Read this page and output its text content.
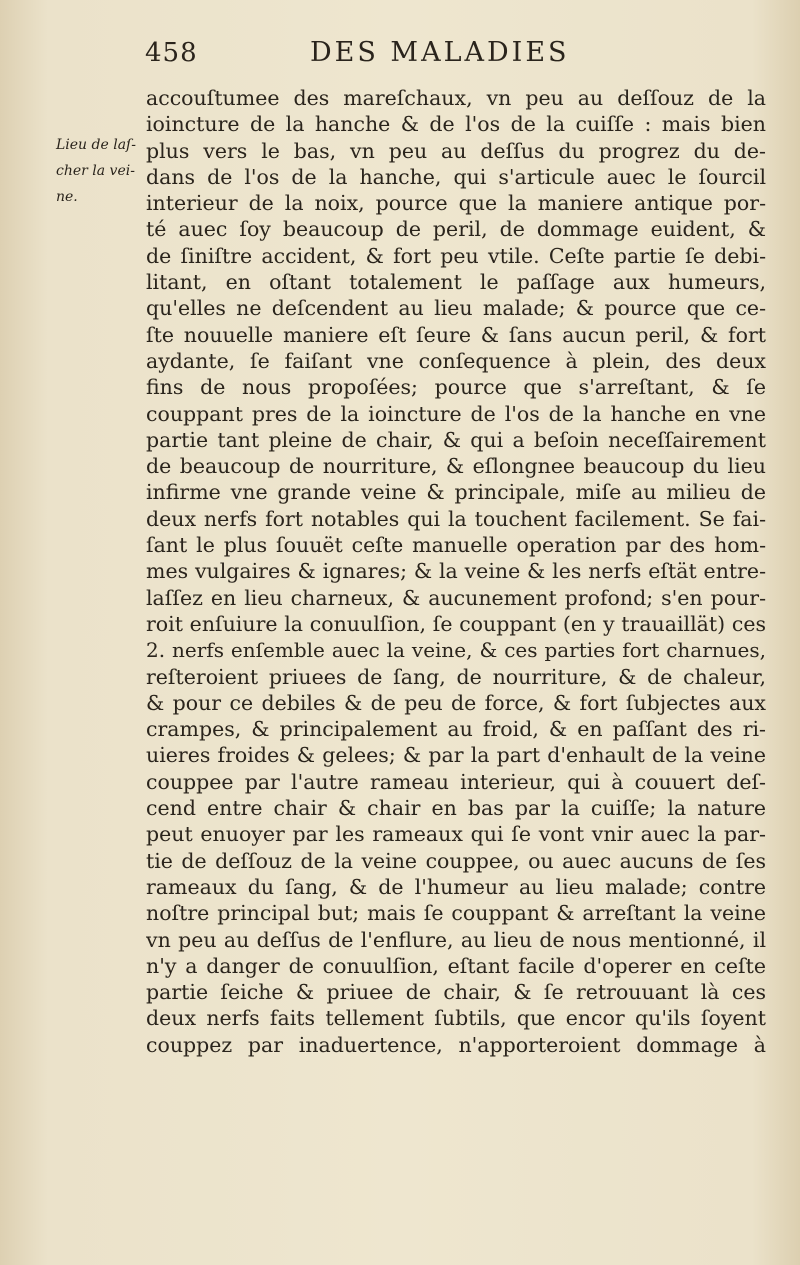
458	DES MALADIES
Lieu de laſ-
cher la vei-
ne.
accouſtumee des mareſchaux, vn peu au deſſouz de la
ioincture de la hanche & de l'os de la cuiſſe : mais bien
plus vers le bas, vn peu au deſſus du progrez du de-
dans de l'os de la hanche, qui s'articule auec le ſourcil
interieur de la noix, pource que la maniere antique por-
té auec ſoy beaucoup de peril, de dommage euident, &
de ſiniſtre accident, & fort peu vtile. Ceſte partie ſe debi-
litant, en oſtant totalement le paſſage aux humeurs,
qu'elles ne deſcendent au lieu malade; & pource que ce-
ſte nouuelle maniere eſt ſeure & ſans aucun peril, & fort
aydante, ſe faiſant vne conſequence à plein, des deux
fins de nous propoſées; pource que s'arreſtant, & ſe
couppant pres de la ioincture de l'os de la hanche en vne
partie tant pleine de chair, & qui a beſoin neceſſairement
de beaucoup de nourriture, & eſlongnee beaucoup du lieu
infirme vne grande veine & principale, miſe au milieu de
deux nerfs fort notables qui la touchent facilement. Se fai-
ſant le plus ſouuët ceſte manuelle operation par des hom-
mes vulgaires & ignares; & la veine & les nerfs eſtät entre-
laſſez en lieu charneux, & aucunement profond; s'en pour-
roit enſuiure la conuulſion, ſe couppant (en y trauaillät) ces
2. nerfs enſemble auec la veine, & ces parties fort charnues,
reſteroient priuees de ſang, de nourriture, & de chaleur,
& pour ce debiles & de peu de force, & fort ſubjectes aux
crampes, & principalement au froid, & en paſſant des ri-
uieres froides & gelees; & par la part d'enhault de la veine
couppee par l'autre rameau interieur, qui à couuert deſ-
cend entre chair & chair en bas par la cuiſſe; la nature
peut enuoyer par les rameaux qui ſe vont vnir auec la par-
tie de deſſouz de la veine couppee, ou auec aucuns de ſes
rameaux du ſang, & de l'humeur au lieu malade; contre
noſtre principal but; mais ſe couppant & arreſtant la veine
vn peu au deſſus de l'enflure, au lieu de nous mentionné, il
n'y a danger de conuulſion, eſtant facile d'operer en ceſte
partie ſeiche & priuee de chair, & ſe retrouuant là ces
deux nerfs faits tellement ſubtils, que encor qu'ils ſoyent
couppez par inaduertence, n'apporteroient dommage à
